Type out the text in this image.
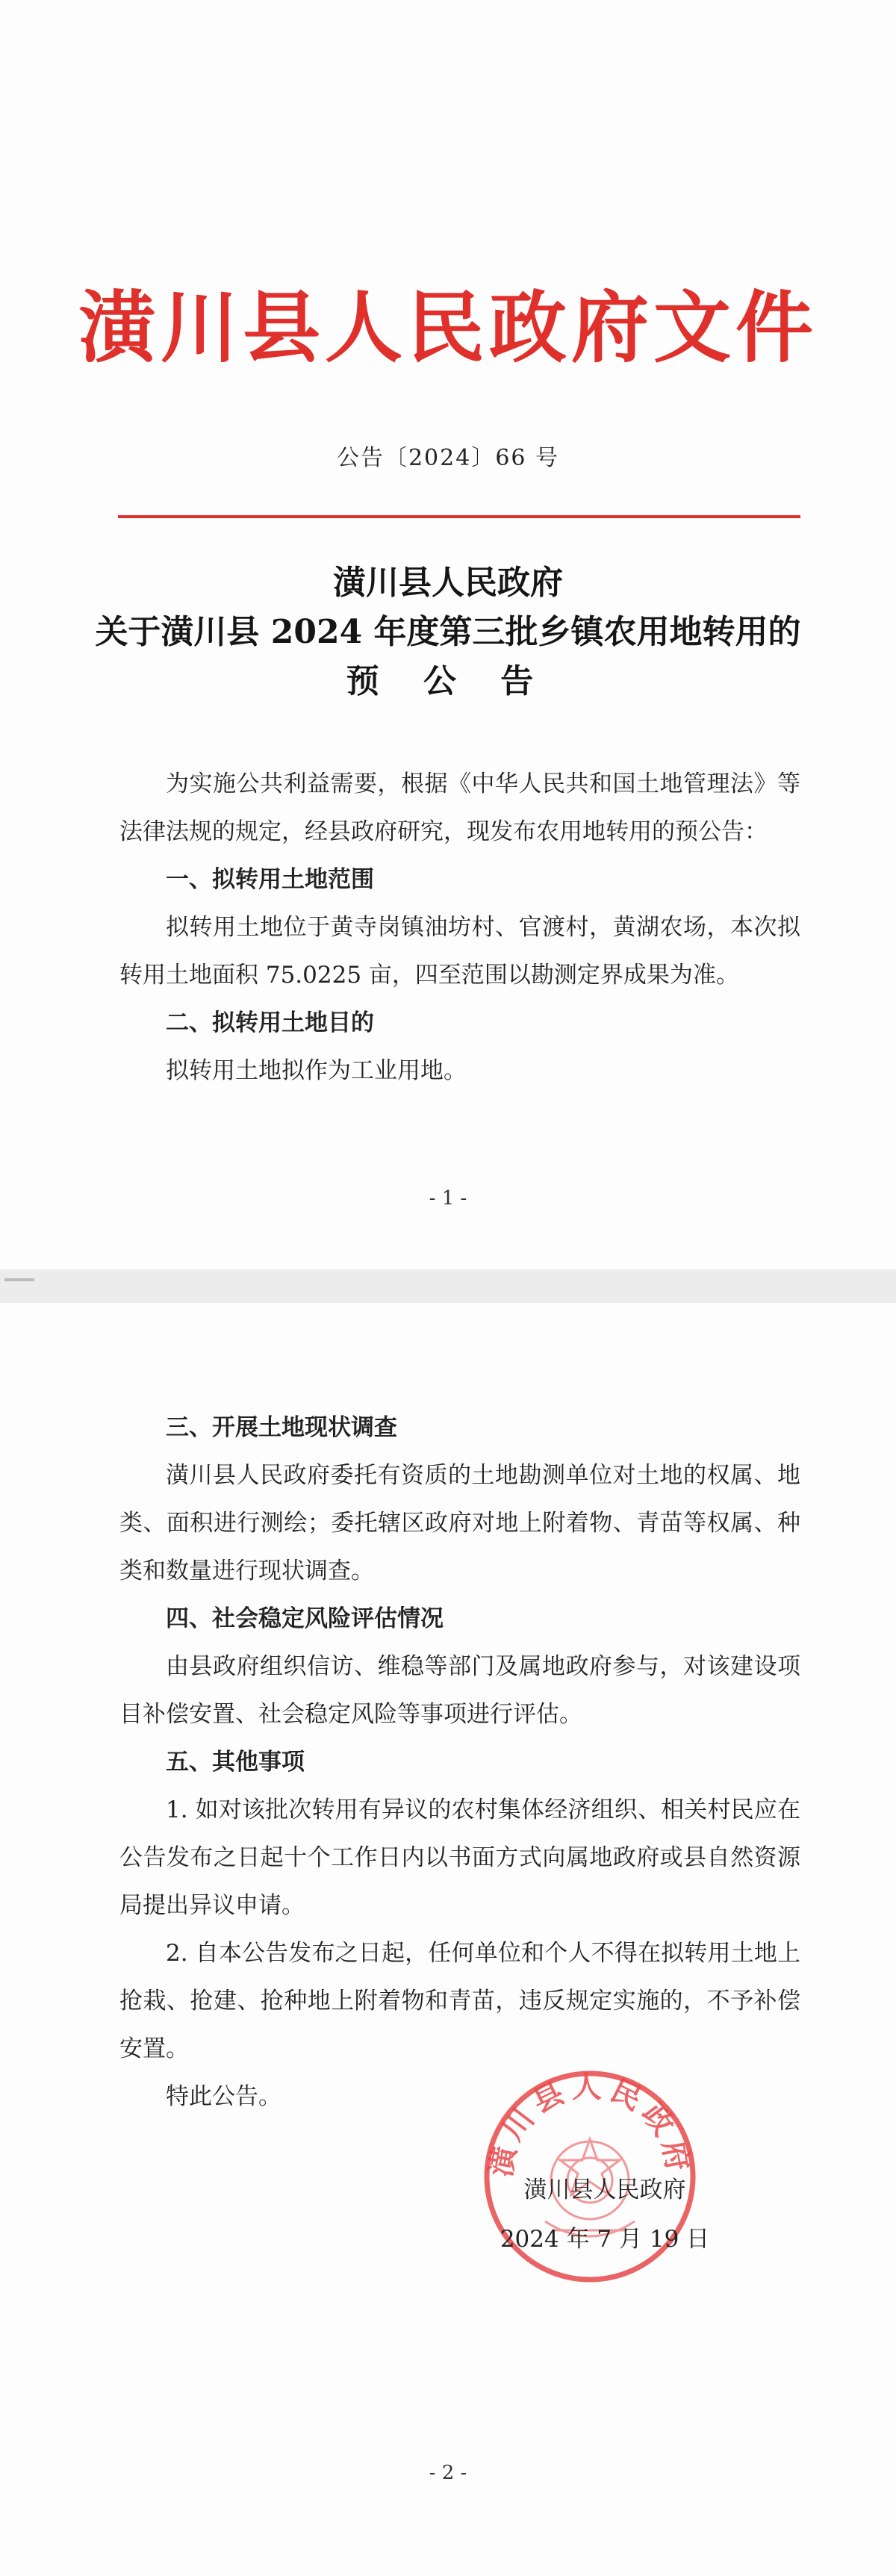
潢川县人民政府文件
公告〔2024〕66 号
潢川县人民政府
关于潢川县 2024 年度第三批乡镇农用地转用的
预 公 告
为实施公共利益需要，根据《中华人民共和国土地管理法》等法律法规的规定，经县政府研究，现发布农用地转用的预公告：
一、拟转用土地范围
拟转用土地位于黄寺岗镇油坊村、官渡村，黄湖农场，本次拟转用土地面积 75.0225 亩，四至范围以勘测定界成果为准。
二、拟转用土地目的
拟转用土地拟作为工业用地。
- 1 -
三、开展土地现状调查
潢川县人民政府委托有资质的土地勘测单位对土地的权属、地类、面积进行测绘；委托辖区政府对地上附着物、青苗等权属、种类和数量进行现状调查。
四、社会稳定风险评估情况
由县政府组织信访、维稳等部门及属地政府参与，对该建设项目补偿安置、社会稳定风险等事项进行评估。
五、其他事项
1. 如对该批次转用有异议的农村集体经济组织、相关村民应在公告发布之日起十个工作日内以书面方式向属地政府或县自然资源局提出异议申请。
2. 自本公告发布之日起，任何单位和个人不得在拟转用土地上抢栽、抢建、抢种地上附着物和青苗，违反规定实施的，不予补偿安置。
特此公告。
潢川县人民政府
潢川县人民政府
2024 年 7 月 19 日
- 2 -
